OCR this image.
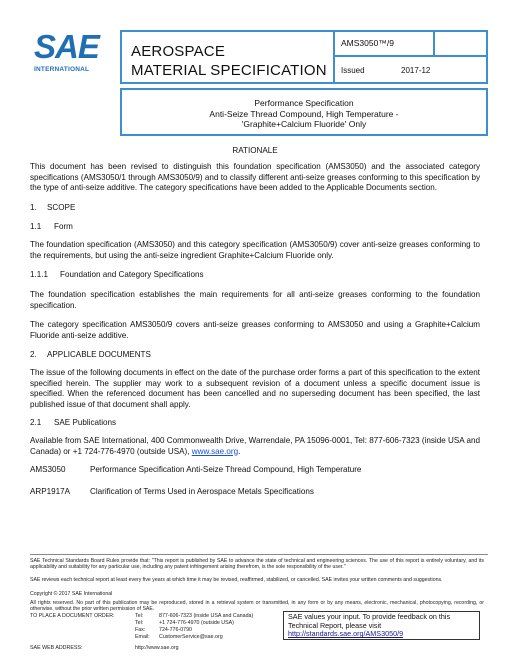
SAE
INTERNATIONAL
AEROSPACE
MATERIAL SPECIFICATION
AMS3050™/9
Issued	2017-12
Performance Specification
Anti-Seize Thread Compound, High Temperature -
'Graphite+Calcium Fluoride' Only
RATIONALE
This document has been revised to distinguish this foundation specification (AMS3050) and the associated category specifications (AMS3050/1 through AMS3050/9) and to classify different anti-seize greases conforming to this specification by the type of anti-seize additive. The category specifications have been added to the Applicable Documents section.
1. SCOPE
1.1 Form
The foundation specification (AMS3050) and this category specification (AMS3050/9) cover anti-seize greases conforming to the requirements, but using the anti-seize ingredient Graphite+Calcium Fluoride only.
1.1.1 Foundation and Category Specifications
The foundation specification establishes the main requirements for all anti-seize greases conforming to the foundation specification.
The category specification AMS3050/9 covers anti-seize greases conforming to AMS3050 and using a Graphite+Calcium Fluoride anti-seize additive.
2. APPLICABLE DOCUMENTS
The issue of the following documents in effect on the date of the purchase order forms a part of this specification to the extent specified herein. The supplier may work to a subsequent revision of a document unless a specific document issue is specified. When the referenced document has been cancelled and no superseding document has been specified, the last published issue of that document shall apply.
2.1 SAE Publications
Available from SAE International, 400 Commonwealth Drive, Warrendale, PA 15096-0001, Tel: 877-606-7323 (inside USA and Canada) or +1 724-776-4970 (outside USA), www.sae.org.
AMS3050	Performance Specification Anti-Seize Thread Compound, High Temperature
ARP1917A Clarification of Terms Used in Aerospace Metals Specifications
SAE Technical Standards Board Rules provide that: "This report is published by SAE to advance the state of technical and engineering sciences. The use of this report is entirely voluntary, and its applicability and suitability for any particular use, including any patent infringement arising therefrom, is the sole responsibility of the user."
SAE reviews each technical report at least every five years at which time it may be revised, reaffirmed, stabilized, or cancelled. SAE invites your written comments and suggestions.
Copyright © 2017 SAE International
All rights reserved. No part of this publication may be reproduced, stored in a retrieval system or transmitted, in any form or by any means, electronic, mechanical, photocopying, recording, or otherwise, without the prior written permission of SAE.
TO PLACE A DOCUMENT ORDER:	Tel:	877-606-7323 (inside USA and Canada)
Tel:	+1 724-776-4970 (outside USA)
Fax:	724-776-0790
Email: CustomerService@sae.org
SAE WEB ADDRESS:	http://www.sae.org
SAE values your input. To provide feedback on this
Technical Report, please visit
http://standards.sae.org/AMS3050/9
